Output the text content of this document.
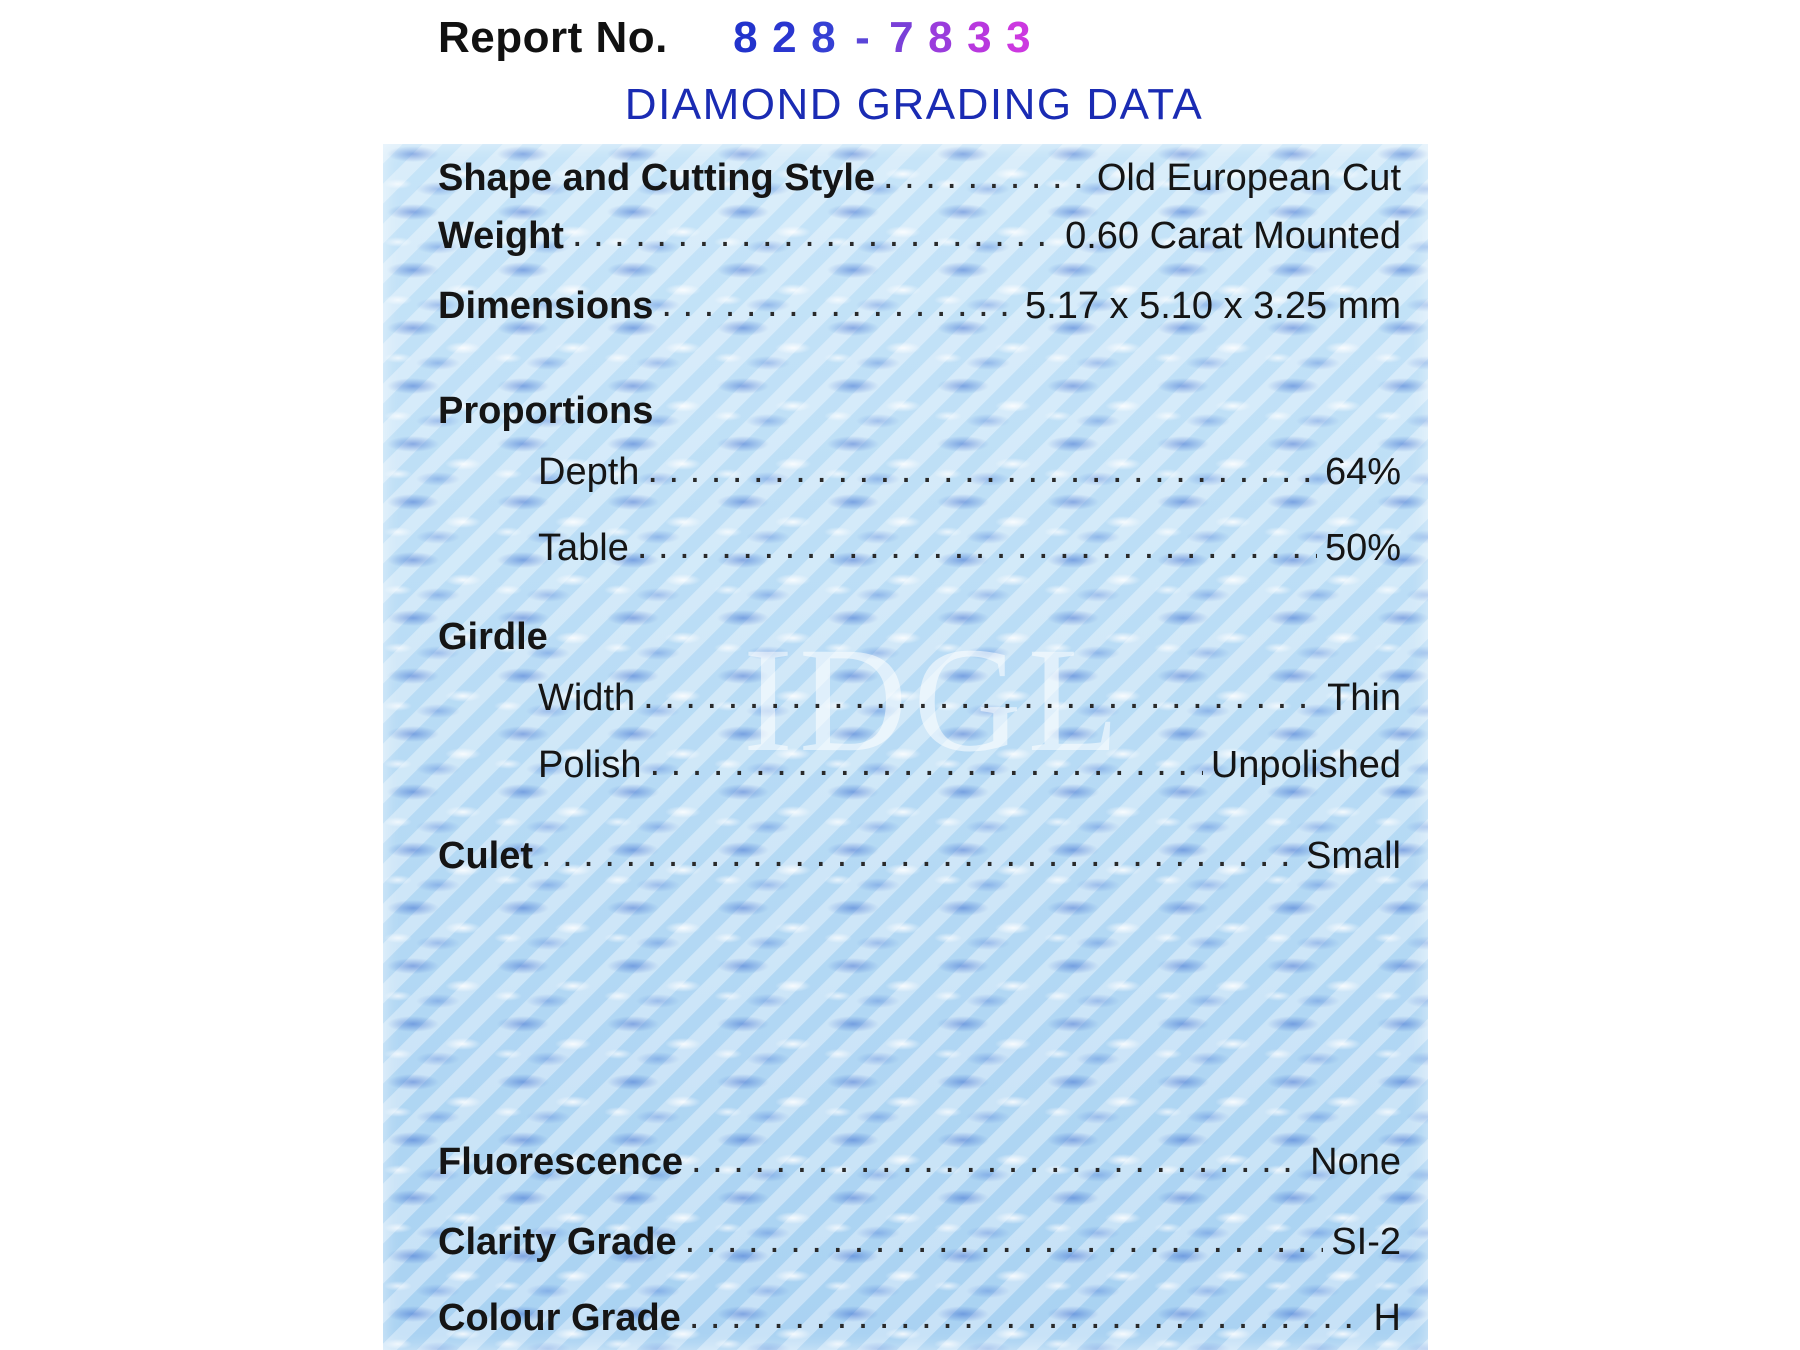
Report No. 8 2 8 - 7 8 3 3
DIAMOND GRADING DATA
IDGL
Shape and Cutting Style . . .	Old European Cut
Weight . . .	0.60 Carat Mounted
Dimensions . . .	5.17 x 5.10 x 3.25 mm
Proportions
Depth . . .	64%
Table . . .	50%
Girdle
Width . . .	Thin
Polish . . .	Unpolished
Culet . . .	Small
Fluorescence . . .	None
Clarity Grade . . .	SI-2
Colour Grade . . .	H
